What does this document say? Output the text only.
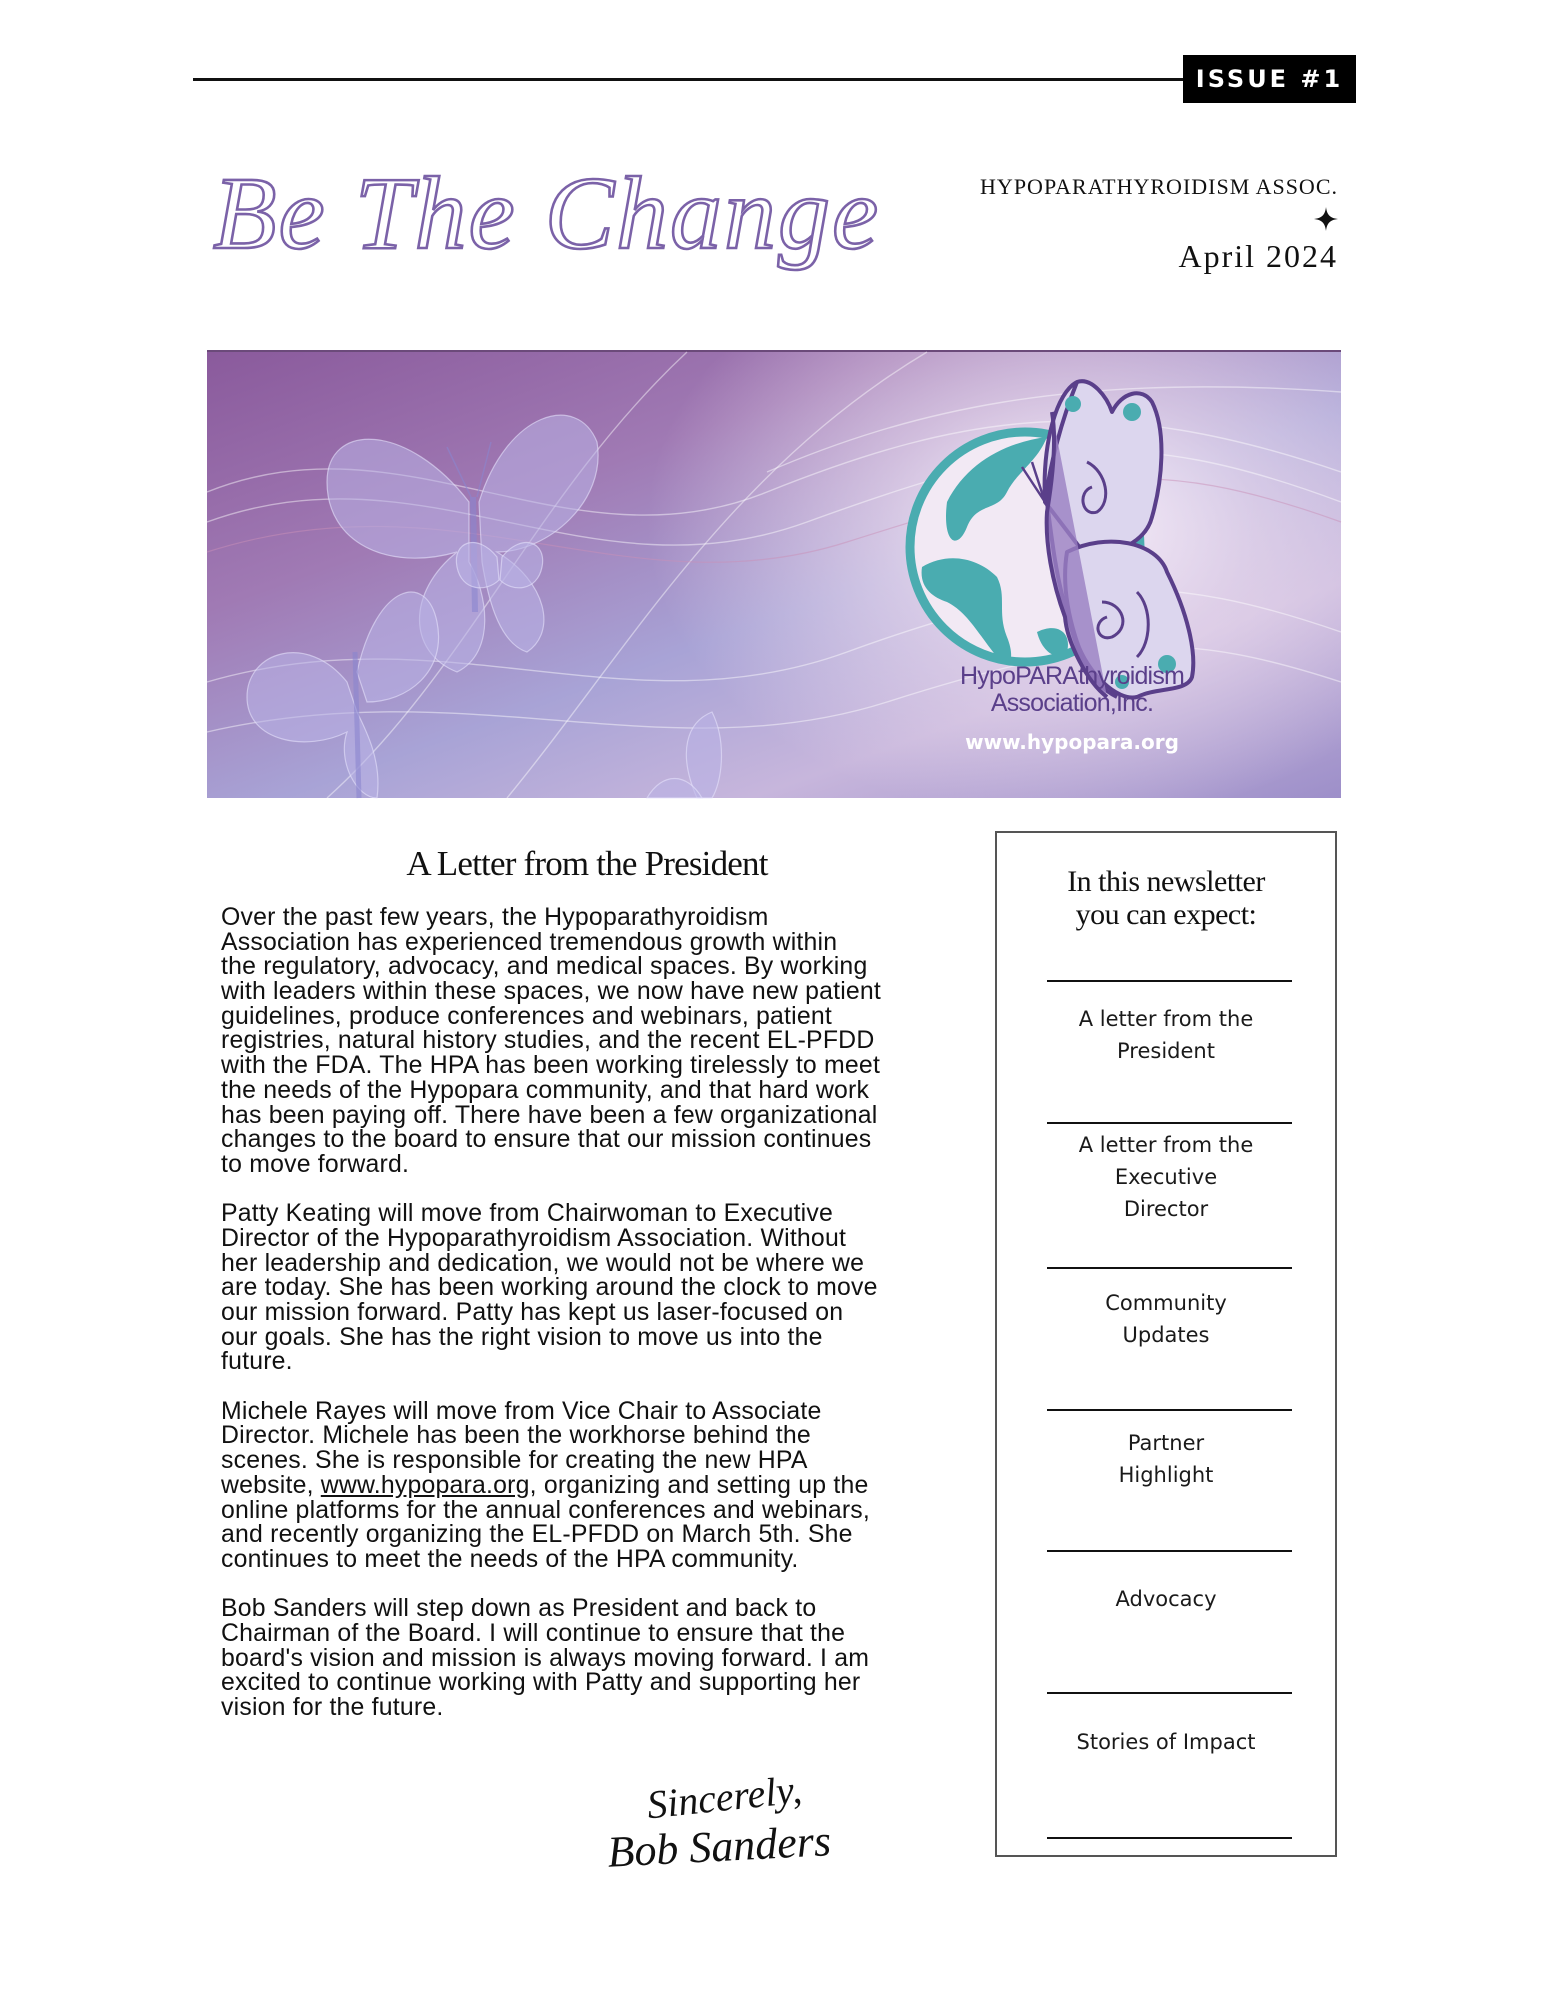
ISSUE #1
Be The Change	HYPOPARATHYROIDISM ASSOC.
April 2024
HypoPARAthyroidism
Association,Inc.
www.hypopara.org
A Letter from the President
Over the past few years, the Hypoparathyroidism
Association has experienced tremendous growth within
the regulatory, advocacy, and medical spaces. By working
with leaders within these spaces, we now have new patient
guidelines, produce conferences and webinars, patient
registries, natural history studies, and the recent EL-PFDD
with the FDA. The HPA has been working tirelessly to meet
the needs of the Hypopara community, and that hard work
has been paying off. There have been a few organizational
changes to the board to ensure that our mission continues
to move forward.
Patty Keating will move from Chairwoman to Executive
Director of the Hypoparathyroidism Association. Without
her leadership and dedication, we would not be where we
are today. She has been working around the clock to move
our mission forward. Patty has kept us laser-focused on
our goals. She has the right vision to move us into the
future.
Michele Rayes will move from Vice Chair to Associate
Director. Michele has been the workhorse behind the
scenes. She is responsible for creating the new HPA
website, www.hypopara.org, organizing and setting up the
online platforms for the annual conferences and webinars,
and recently organizing the EL-PFDD on March 5th. She
continues to meet the needs of the HPA community.
Bob Sanders will step down as President and back to
Chairman of the Board. I will continue to ensure that the
board's vision and mission is always moving forward. I am
excited to continue working with Patty and supporting her
vision for the future.
Sincerely,
Bob Sanders
In this newsletter
you can expect:
A letter from the
President
A letter from the
Executive
Director
Community
Updates
Partner
Highlight
Advocacy
Stories of Impact
